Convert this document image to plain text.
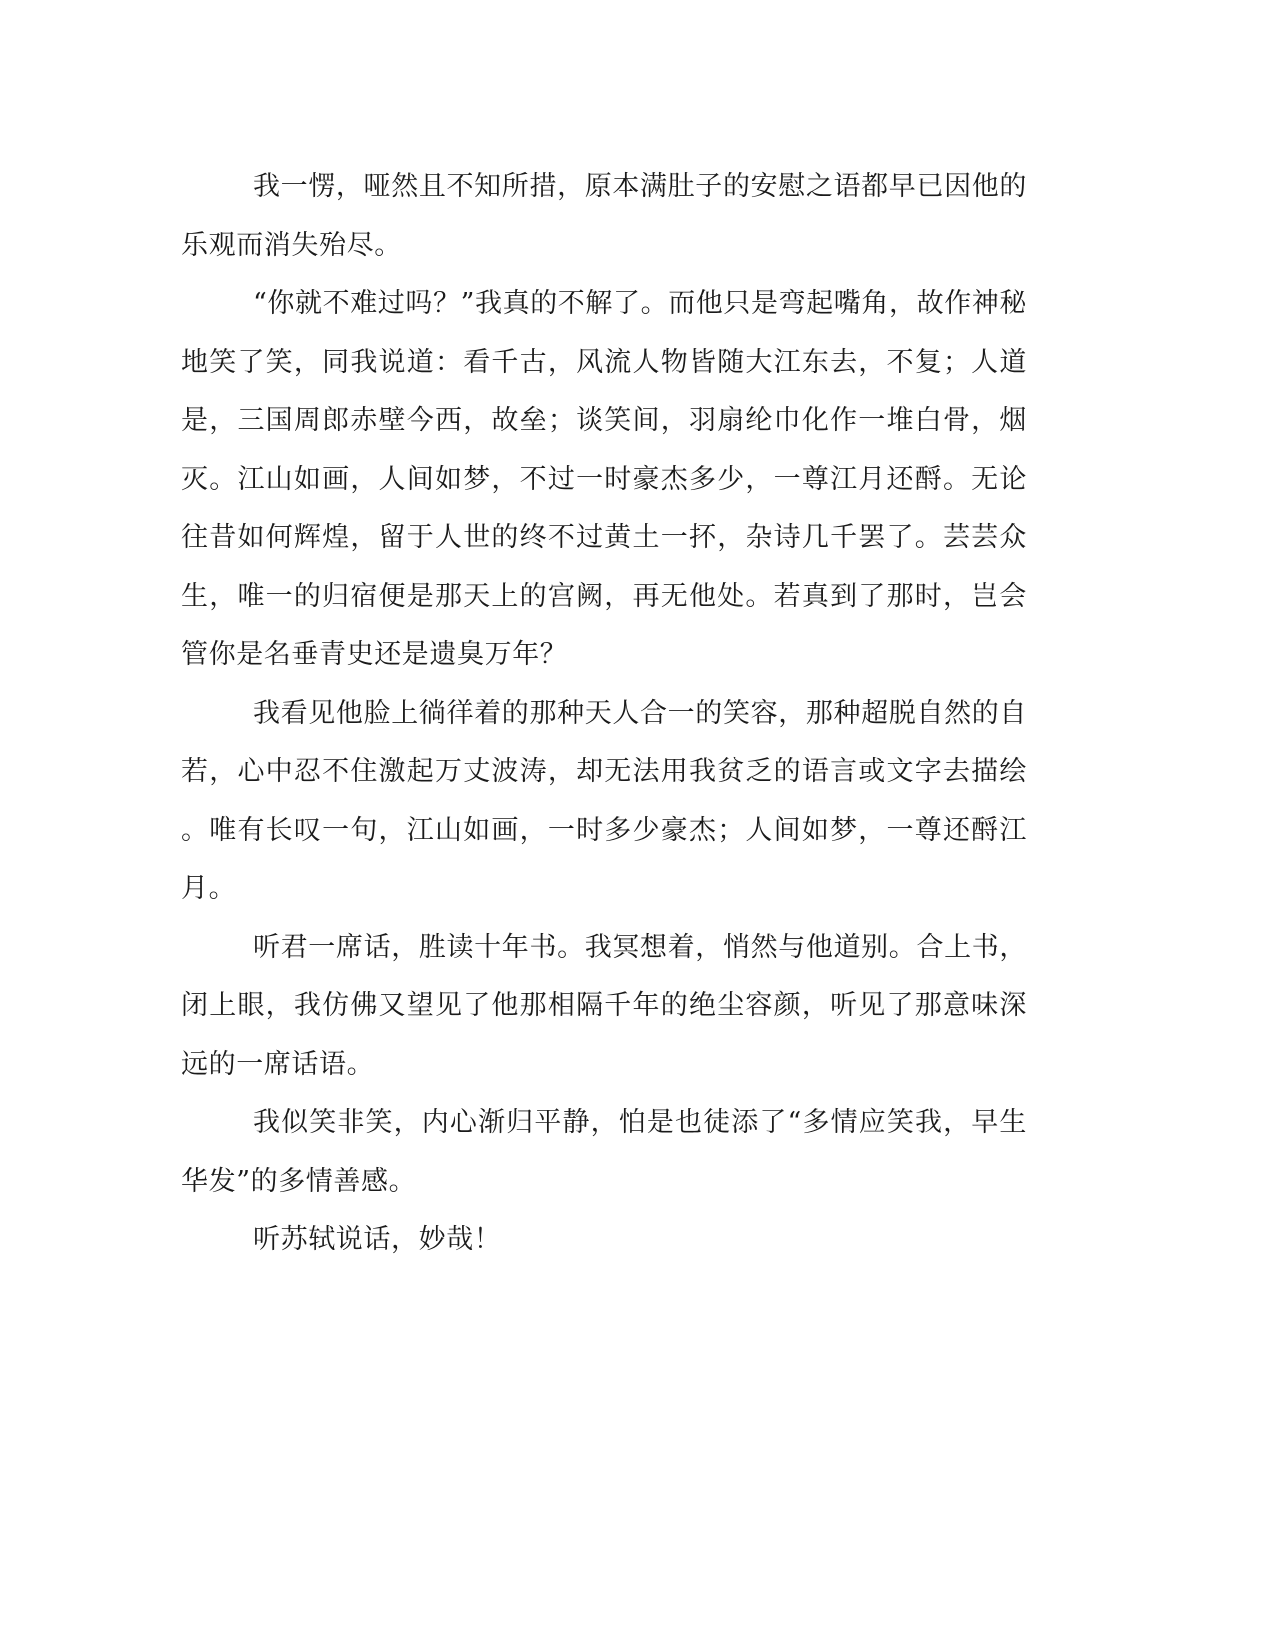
我一愣，哑然且不知所措，原本满肚子的安慰之语都早已因他的
乐观而消失殆尽。
“你就不难过吗？”我真的不解了。而他只是弯起嘴角，故作神秘
地笑了笑，同我说道：看千古，风流人物皆随大江东去，不复；人道
是，三国周郎赤壁今西，故垒；谈笑间，羽扇纶巾化作一堆白骨，烟
灭。江山如画，人间如梦，不过一时豪杰多少，一尊江月还酹。无论
往昔如何辉煌，留于人世的终不过黄土一抔，杂诗几千罢了。芸芸众
生，唯一的归宿便是那天上的宫阙，再无他处。若真到了那时，岂会
管你是名垂青史还是遗臭万年？
我看见他脸上徜徉着的那种天人合一的笑容，那种超脱自然的自
若，心中忍不住激起万丈波涛，却无法用我贫乏的语言或文字去描绘
。唯有长叹一句，江山如画，一时多少豪杰；人间如梦，一尊还酹江
月。
听君一席话，胜读十年书。我冥想着，悄然与他道别。合上书，
闭上眼，我仿佛又望见了他那相隔千年的绝尘容颜，听见了那意味深
远的一席话语。
我似笑非笑，内心渐归平静，怕是也徒添了“多情应笑我，早生
华发”的多情善感。
听苏轼说话，妙哉！
